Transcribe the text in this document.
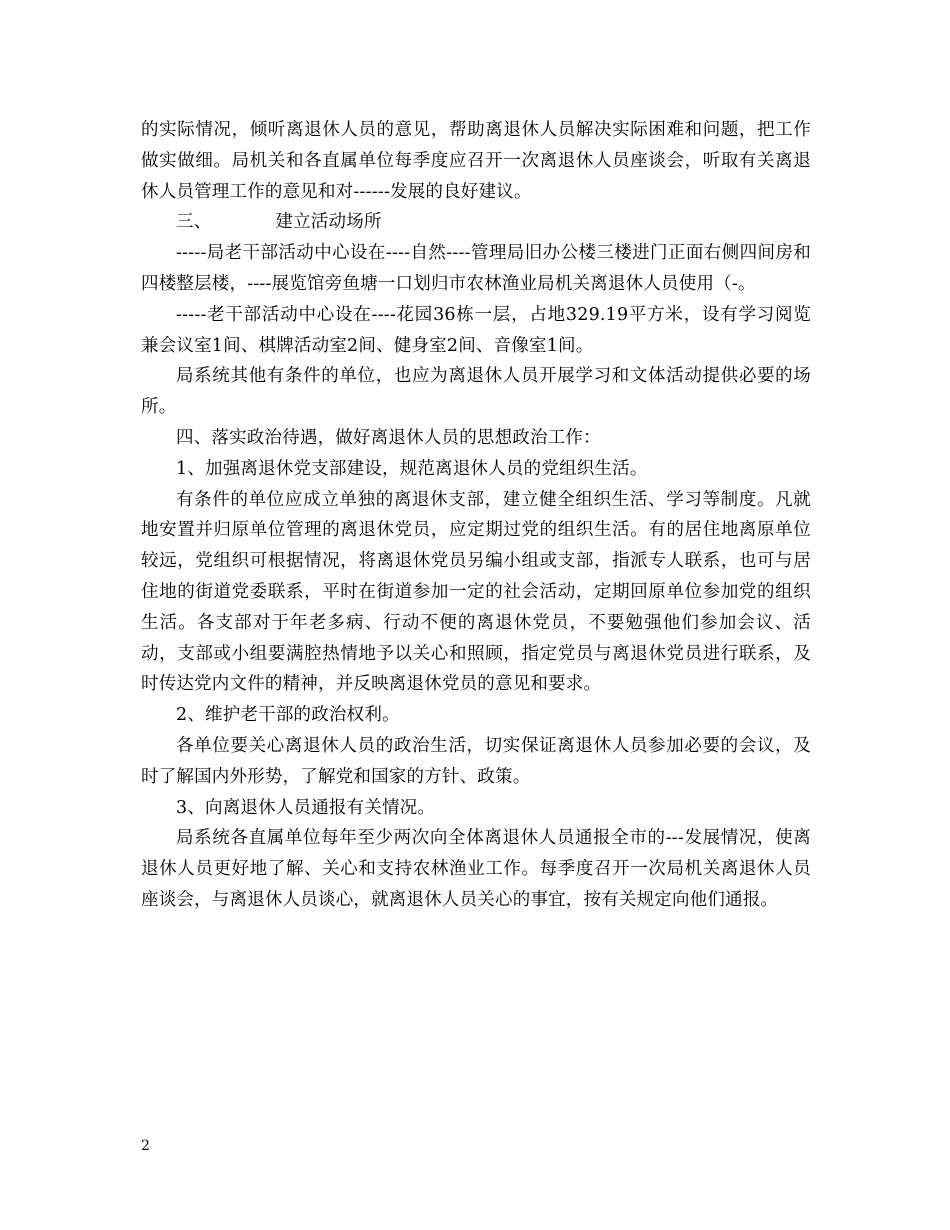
的实际情况，倾听离退休人员的意见，帮助离退休人员解决实际困难和问题，把工作做实做细。局机关和各直属单位每季度应召开一次离退休人员座谈会，听取有关离退休人员管理工作的意见和对------发展的良好建议。

三、	建立活动场所

-----局老干部活动中心设在----自然----管理局旧办公楼三楼进门正面右侧四间房和四楼整层楼，----展览馆旁鱼塘一口划归市农林渔业局机关离退休人员使用（-。

-----老干部活动中心设在----花园36栋一层，占地329.19平方米，设有学习阅览兼会议室1间、棋牌活动室2间、健身室2间、音像室1间。

局系统其他有条件的单位，也应为离退休人员开展学习和文体活动提供必要的场所。

四、落实政治待遇，做好离退休人员的思想政治工作：

1、加强离退休党支部建设，规范离退休人员的党组织生活。

有条件的单位应成立单独的离退休支部，建立健全组织生活、学习等制度。凡就地安置并归原单位管理的离退休党员，应定期过党的组织生活。有的居住地离原单位较远，党组织可根据情况，将离退休党员另编小组或支部，指派专人联系，也可与居住地的街道党委联系，平时在街道参加一定的社会活动，定期回原单位参加党的组织生活。各支部对于年老多病、行动不便的离退休党员，不要勉强他们参加会议、活动，支部或小组要满腔热情地予以关心和照顾，指定党员与离退休党员进行联系，及时传达党内文件的精神，并反映离退休党员的意见和要求。

2、维护老干部的政治权利。

各单位要关心离退休人员的政治生活，切实保证离退休人员参加必要的会议，及时了解国内外形势，了解党和国家的方针、政策。

3、向离退休人员通报有关情况。

局系统各直属单位每年至少两次向全体离退休人员通报全市的---发展情况，使离退休人员更好地了解、关心和支持农林渔业工作。每季度召开一次局机关离退休人员座谈会，与离退休人员谈心，就离退休人员关心的事宜，按有关规定向他们通报。

2
